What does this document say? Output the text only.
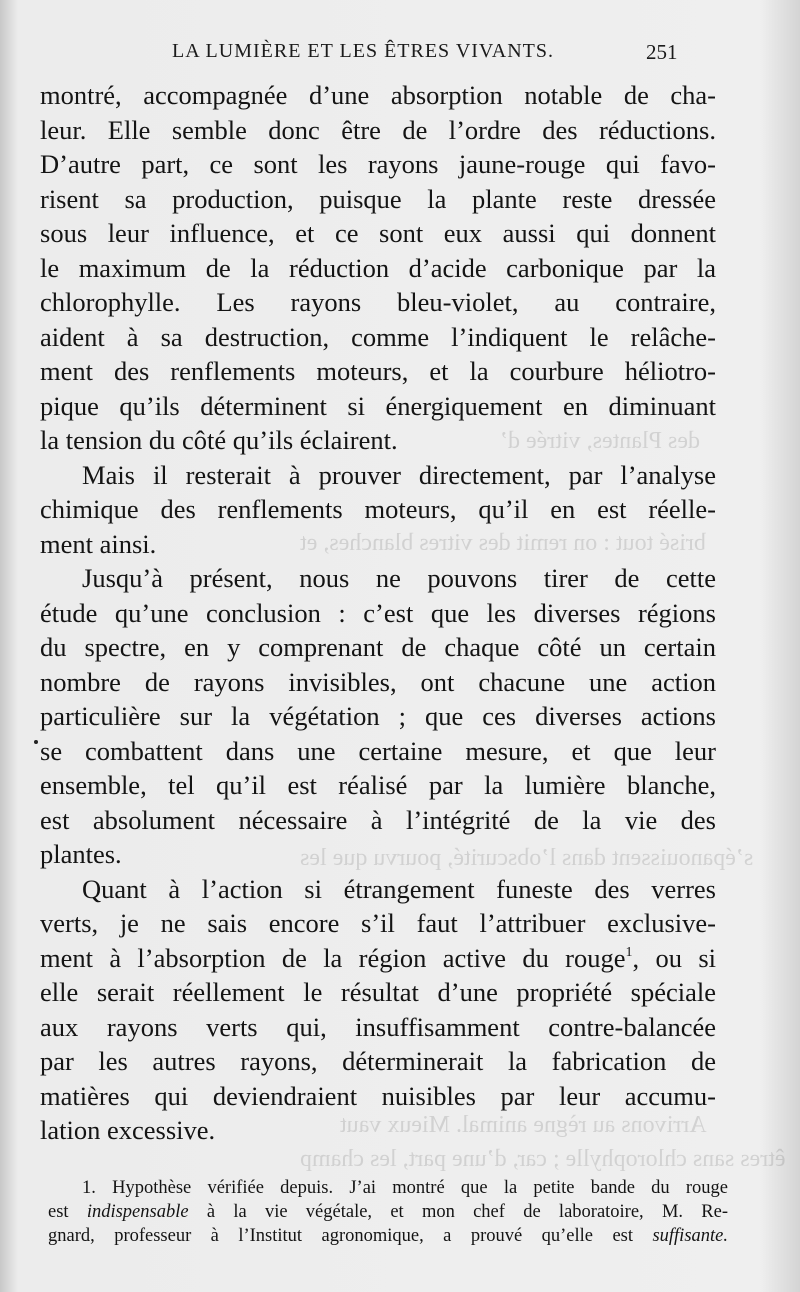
des Plantes, vitrée d’
brisé tout : on remit des vitres blanches, et
s’épanouissent dans l’obscurité, pourvu que les
Arrivons au règne animal. Mieux vaut
êtres sans chlorophylle ; car, d’une part, les champ
LA LUMIÈRE ET LES ÊTRES VIVANTS.	251
montré, accompagnée d’une absorption notable de cha-
leur. Elle semble donc être de l’ordre des réductions.
D’autre part, ce sont les rayons jaune-rouge qui favo-
risent sa production, puisque la plante reste dressée
sous leur influence, et ce sont eux aussi qui donnent
le maximum de la réduction d’acide carbonique par la
chlorophylle. Les rayons bleu-violet, au contraire,
aident à sa destruction, comme l’indiquent le relâche-
ment des renflements moteurs, et la courbure héliotro-
pique qu’ils déterminent si énergiquement en diminuant
la tension du côté qu’ils éclairent.
Mais il resterait à prouver directement, par l’analyse
chimique des renflements moteurs, qu’il en est réelle-
ment ainsi.
Jusqu’à présent, nous ne pouvons tirer de cette
étude qu’une conclusion : c’est que les diverses régions
du spectre, en y comprenant de chaque côté un certain
nombre de rayons invisibles, ont chacune une action
particulière sur la végétation ; que ces diverses actions
se combattent dans une certaine mesure, et que leur
ensemble, tel qu’il est réalisé par la lumière blanche,
est absolument nécessaire à l’intégrité de la vie des
plantes.
Quant à l’action si étrangement funeste des verres
verts, je ne sais encore s’il faut l’attribuer exclusive-
ment à l’absorption de la région active du rouge$^1$, ou si
elle serait réellement le résultat d’une propriété spéciale
aux rayons verts qui, insuffisamment contre-balancée
par les autres rayons, déterminerait la fabrication de
matières qui deviendraient nuisibles par leur accumu-
lation excessive.
1. Hypothèse vérifiée depuis. J’ai montré que la petite bande du rouge
est indispensable à la vie végétale, et mon chef de laboratoire, M. Re-
gnard, professeur à l’Institut agronomique, a prouvé qu’elle est suffisante.
